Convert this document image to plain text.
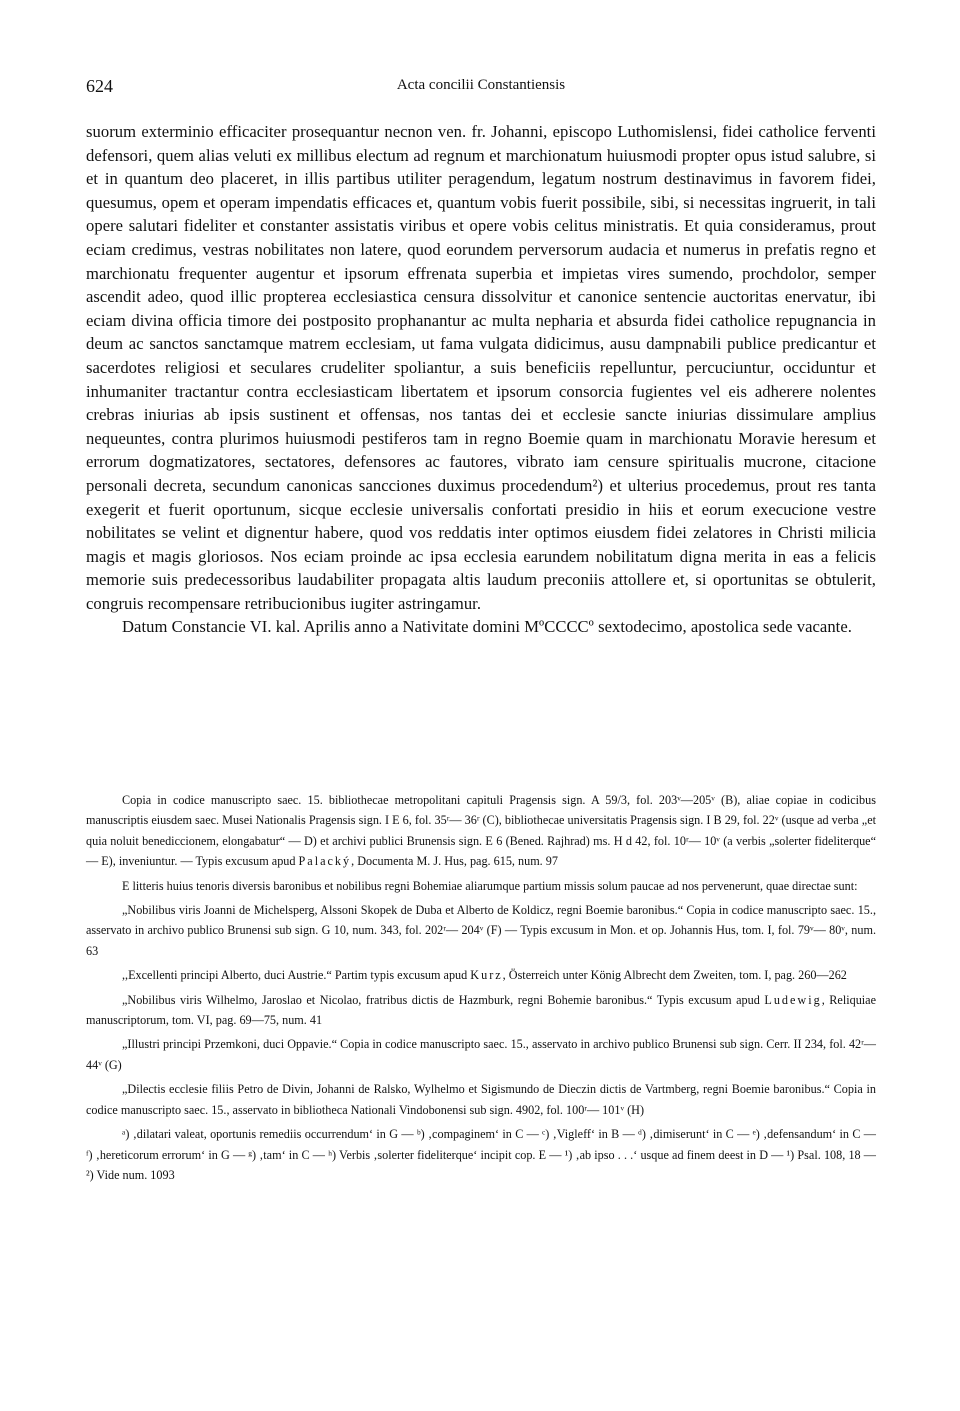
624	Acta concilii Constantiensis

suorum exterminio efficaciter prosequantur necnon ven. fr. Johanni, episcopo Luthomislensi, fidei catholice ferventi defensori, quem alias veluti ex millibus electum ad regnum et marchionatum huiusmodi propter opus istud salubre, si et in quantum deo placeret, in illis partibus utiliter peragendum, legatum nostrum destinavimus in favorem fidei, quesumus, opem et operam impendatis efficaces et, quantum vobis fuerit possibile, sibi, si necessitas ingruerit, in tali opere salutari fideliter et constanter assistatis viribus et opere vobis celitus ministratis. Et quia consideramus, prout eciam credimus, vestras nobilitates non latere, quod eorundem perversorum audacia et numerus in prefatis regno et marchionatu frequenter augentur et ipsorum effrenata superbia et impietas vires sumendo, prochdolor, semper ascendit adeo, quod illic propterea ecclesiastica censura dissolvitur et canonice sentencie auctoritas enervatur, ibi eciam divina officia timore dei postposito prophanantur ac multa nepharia et absurda fidei catholice repugnancia in deum ac sanctos sanctamque matrem ecclesiam, ut fama vulgata didicimus, ausu dampnabili publice predicantur et sacerdotes religiosi et seculares crudeliter spoliantur, a suis beneficiis repelluntur, percuciuntur, occiduntur et inhumaniter tractantur contra ecclesiasticam libertatem et ipsorum consorcia fugientes vel eis adherere nolentes crebras iniurias ab ipsis sustinent et offensas, nos tantas dei et ecclesie sancte iniurias dissimulare amplius nequeuntes, contra plurimos huiusmodi pestiferos tam in regno Boemie quam in marchionatu Moravie heresum et errorum dogmatizatores, sectatores, defensores ac fautores, vibrato iam censure spiritualis mucrone, citacione personali decreta, secundum canonicas sancciones duximus procedendum²) et ulterius procedemus, prout res tanta exegerit et fuerit oportunum, sicque ecclesie universalis confortati presidio in hiis et eorum execucione vestre nobilitates se velint et dignentur habere, quod vos reddatis inter optimos eiusdem fidei zelatores in Christi milicia magis et magis gloriosos. Nos eciam proinde ac ipsa ecclesia earundem nobilitatum digna merita in eas a felicis memorie suis predecessoribus laudabiliter propagata altis laudum preconiis attollere et, si oportunitas se obtulerit, congruis recompensare retribucionibus iugiter astringamur.

Datum Constancie VI. kal. Aprilis anno a Nativitate domini MºCCCCº sextodecimo, apostolica sede vacante.

Copia in codice manuscripto saec. 15. bibliothecae metropolitani capituli Pragensis sign. A 59/3, fol. 203ᵛ—205ᵛ (B), aliae copiae in codicibus manuscriptis eiusdem saec. Musei Nationalis Pragensis sign. I E 6, fol. 35ʳ— 36ʳ (C), bibliothecae universitatis Pragensis sign. I B 29, fol. 22ᵛ (usque ad verba „et quia noluit benediccionem, elongabatur“ — D) et archivi publici Brunensis sign. E 6 (Bened. Rajhrad) ms. H d 42, fol. 10ʳ— 10ᵛ (a verbis „solerter fideliterque“ — E), inveniuntur. — Typis excusum apud Palacký, Documenta M. J. Hus, pag. 615, num. 97

E litteris huius tenoris diversis baronibus et nobilibus regni Bohemiae aliarumque partium missis solum paucae ad nos pervenerunt, quae directae sunt:

„Nobilibus viris Joanni de Michelsperg, Alssoni Skopek de Duba et Alberto de Koldicz, regni Boemie baronibus.“ Copia in codice manuscripto saec. 15., asservato in archivo publico Brunensi sub sign. G 10, num. 343, fol. 202ʳ— 204ᵛ (F) — Typis excusum in Mon. et op. Johannis Hus, tom. I, fol. 79ᵛ— 80ᵛ, num. 63

,,Excellenti principi Alberto, duci Austrie.“ Partim typis excusum apud Kurz, Österreich unter König Albrecht dem Zweiten, tom. I, pag. 260—262

„Nobilibus viris Wilhelmo, Jaroslao et Nicolao, fratribus dictis de Hazmburk, regni Bohemie baronibus.“ Typis excusum apud Ludewig, Reliquiae manuscriptorum, tom. VI, pag. 69—75, num. 41

„Illustri principi Przemkoni, duci Oppavie.“ Copia in codice manuscripto saec. 15., asservato in archivo publico Brunensi sub sign. Cerr. II 234, fol. 42ʳ— 44ᵛ (G)

„Dilectis ecclesie filiis Petro de Divin, Johanni de Ralsko, Wylhelmo et Sigismundo de Dieczin dictis de Vartmberg, regni Boemie baronibus.“ Copia in codice manuscripto saec. 15., asservato in bibliotheca Nationali Vindobonensi sub sign. 4902, fol. 100ʳ— 101ᵛ (H)

ᵃ) ‚dilatari valeat, oportunis remediis occurrendum‘ in G — ᵇ) ‚compaginem‘ in C — ᶜ) ‚Vigleff‘ in B — ᵈ) ‚dimiserunt‘ in C — ᵉ) ‚defensandum‘ in C — ᶠ) ‚hereticorum errorum‘ in G — ᵍ) ‚tam‘ in C — ʰ) Verbis ‚solerter fideliterque‘ incipit cop. E — ¹) ‚ab ipso . . .‘ usque ad finem deest in D — ¹) Psal. 108, 18 — ²) Vide num. 1093
